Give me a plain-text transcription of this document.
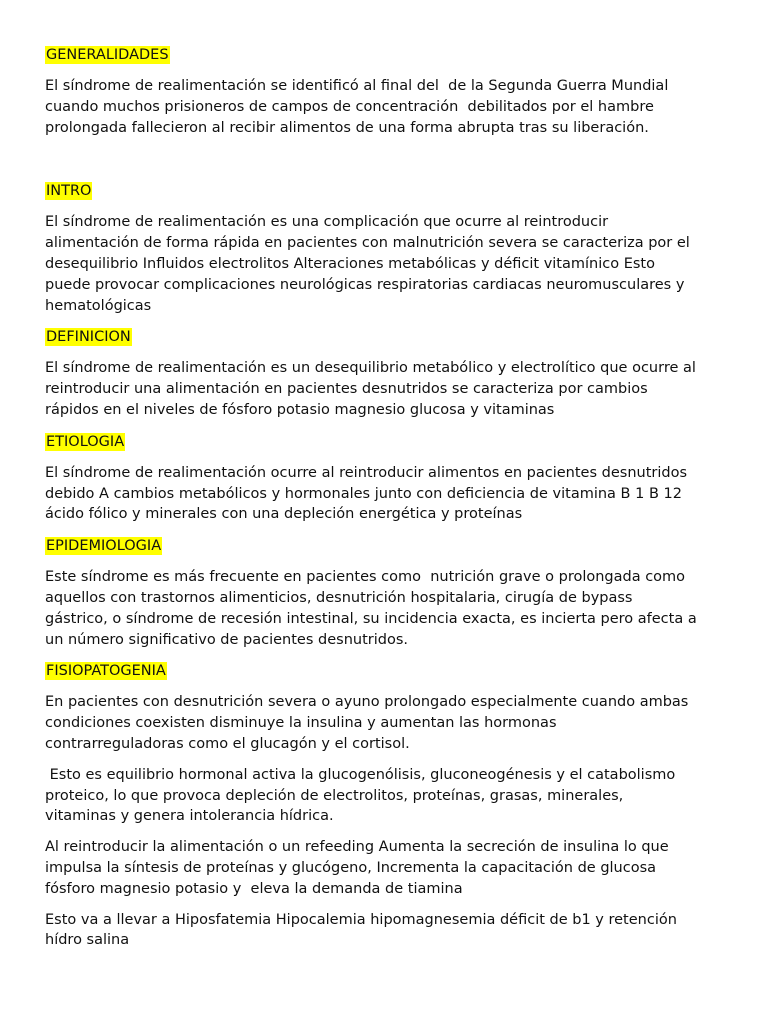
GENERALIDADES

El síndrome de realimentación se identificó al final del  de la Segunda Guerra Mundial
cuando muchos prisioneros de campos de concentración  debilitados por el hambre
prolongada fallecieron al recibir alimentos de una forma abrupta tras su liberación.

INTRO

El síndrome de realimentación es una complicación que ocurre al reintroducir
alimentación de forma rápida en pacientes con malnutrición severa se caracteriza por el
desequilibrio Influidos electrolitos Alteraciones metabólicas y déficit vitamínico Esto
puede provocar complicaciones neurológicas respiratorias cardiacas neuromusculares y
hematológicas

DEFINICION

El síndrome de realimentación es un desequilibrio metabólico y electrolítico que ocurre al
reintroducir una alimentación en pacientes desnutridos se caracteriza por cambios
rápidos en el niveles de fósforo potasio magnesio glucosa y vitaminas

ETIOLOGIA

El síndrome de realimentación ocurre al reintroducir alimentos en pacientes desnutridos
debido A cambios metabólicos y hormonales junto con deficiencia de vitamina B 1 B 12
ácido fólico y minerales con una depleción energética y proteínas

EPIDEMIOLOGIA

Este síndrome es más frecuente en pacientes como  nutrición grave o prolongada como
aquellos con trastornos alimenticios, desnutrición hospitalaria, cirugía de bypass
gástrico, o síndrome de recesión intestinal, su incidencia exacta, es incierta pero afecta a
un número significativo de pacientes desnutridos.

FISIOPATOGENIA

En pacientes con desnutrición severa o ayuno prolongado especialmente cuando ambas
condiciones coexisten disminuye la insulina y aumentan las hormonas
contrarreguladoras como el glucagón y el cortisol.

Esto es equilibrio hormonal activa la glucogenólisis, gluconeogénesis y el catabolismo
proteico, lo que provoca depleción de electrolitos, proteínas, grasas, minerales,
vitaminas y genera intolerancia hídrica.

Al reintroducir la alimentación o un refeeding Aumenta la secreción de insulina lo que
impulsa la síntesis de proteínas y glucógeno, Incrementa la capacitación de glucosa
fósforo magnesio potasio y  eleva la demanda de tiamina

Esto va a llevar a Hiposfatemia Hipocalemia hipomagnesemia déficit de b1 y retención
hídro salina
